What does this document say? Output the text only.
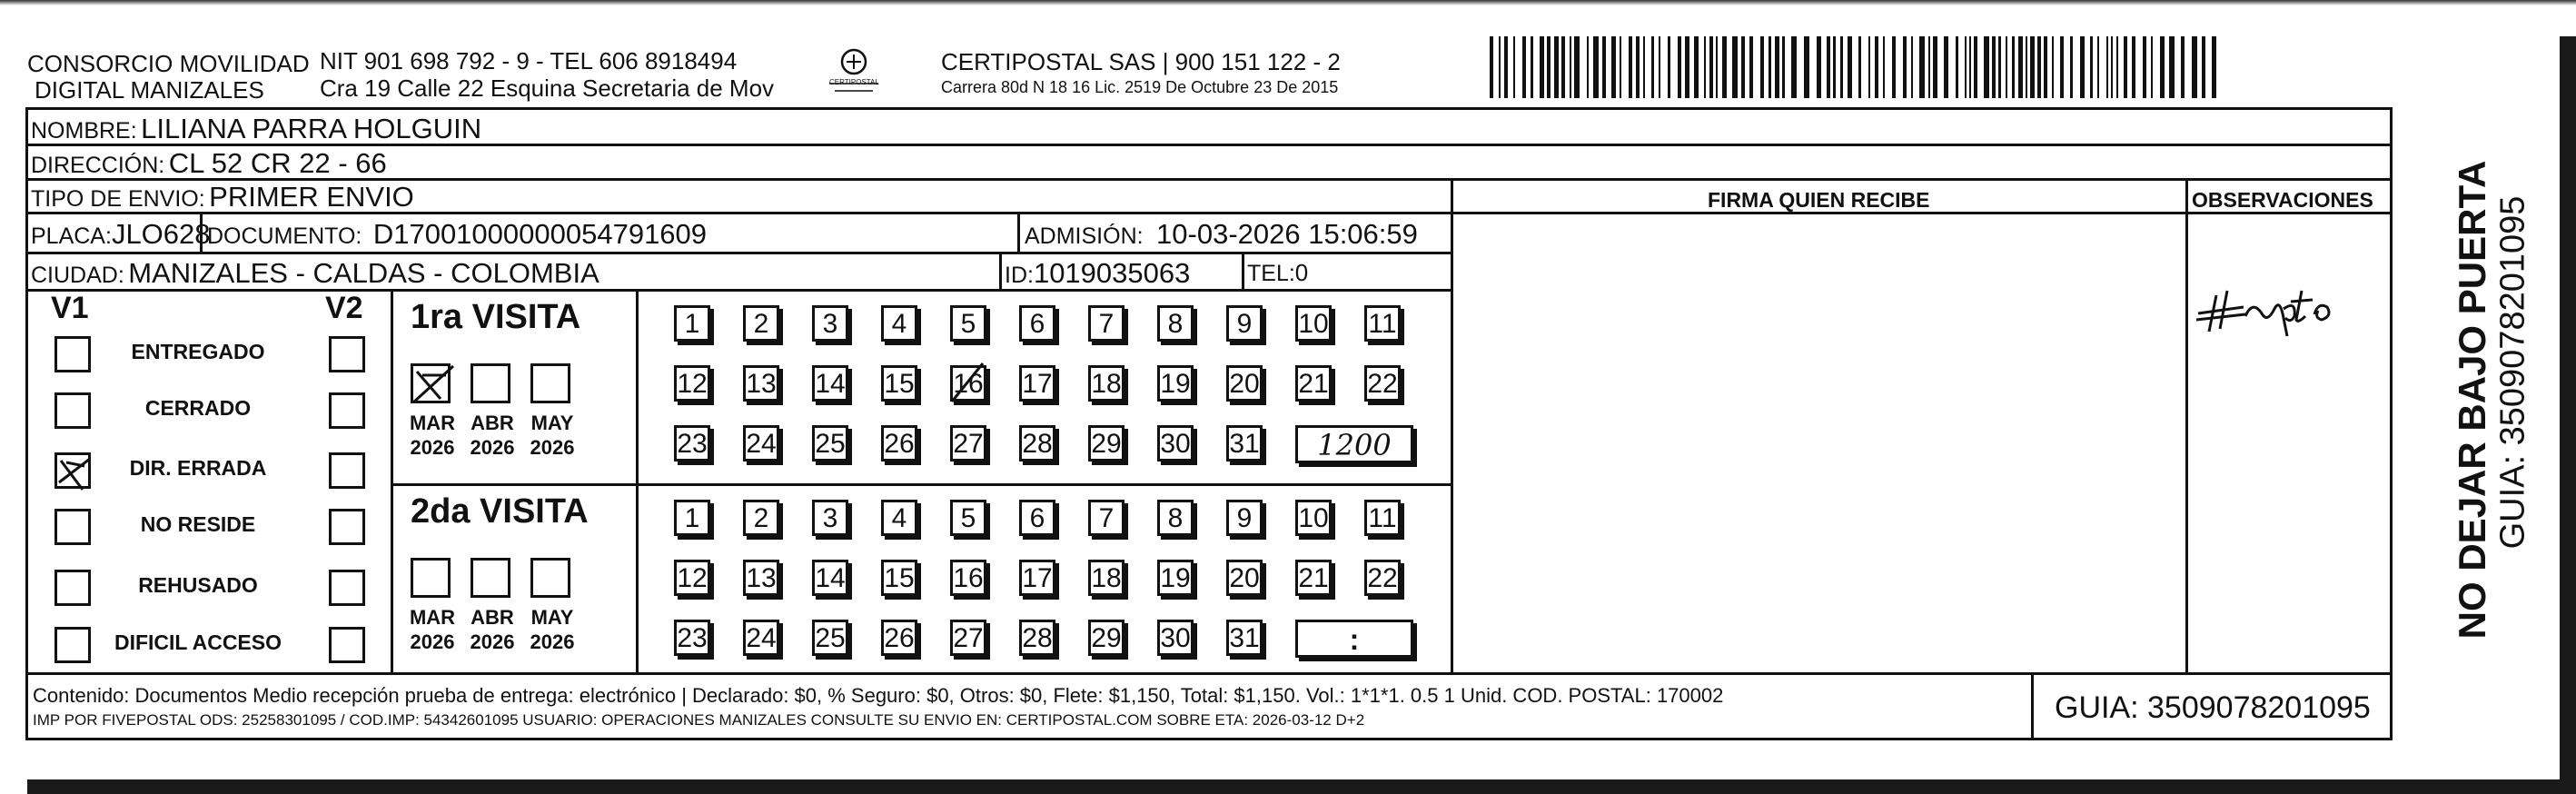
CONSORCIO MOVILIDAD
DIGITAL MANIZALES
NIT 901 698 792 - 9 - TEL 606 8918494
Cra 19 Calle 22 Esquina Secretaria de Mov	CERTIPOSTAL
CERTIPOSTAL SAS | 900 151 122 - 2
Carrera 80d N 18 16 Lic. 2519 De Octubre 23 De 2015
NOMBRE: LILIANA PARRA HOLGUIN
DIRECCIÓN: CL 52 CR 22 - 66
TIPO DE ENVIO: PRIMER ENVIO	FIRMA QUIEN RECIBE	OBSERVACIONES
PLACA:JLO628
DOCUMENTO: D17001000000054791609	ADMISIÓN: 10-03-2026 15:06:59
CIUDAD: MANIZALES - CALDAS - COLOMBIA	ID:1019035063	TEL:0
V1	V2
ENTREGADO
CERRADO
DIR. ERRADA
NO RESIDE
REHUSADO
DIFICIL ACCESO
1ra VISITA
MAR
2026
ABR
2026
MAY
2026
1	2	3	4	5	6	7	8	9	10 11
12 13 14 15 16 17 18 19 20 21 22
23 24 25 26 27 28 29 30 31	1200
2da VISITA
MAR
2026
ABR
2026
MAY
2026
1	2	3	4	5	6	7	8	9	10 11
12 13 14 15 16 17 18 19 20 21 22
23 24 25 26 27 28 29 30 31	:
Contenido: Documentos Medio recepción prueba de entrega: electrónico | Declarado: $0, % Seguro: $0, Otros: $0, Flete: $1,150, Total: $1,150. Vol.: 1*1*1. 0.5 1 Unid. COD. POSTAL: 170002
IMP POR FIVEPOSTAL ODS: 25258301095 / COD.IMP: 54342601095 USUARIO: OPERACIONES MANIZALES CONSULTE SU ENVIO EN: CERTIPOSTAL.COM SOBRE ETA: 2026-03-12 D+2	GUIA: 3509078201095
NO DEJAR BAJO PUERTA GUIA: 3509078201095
